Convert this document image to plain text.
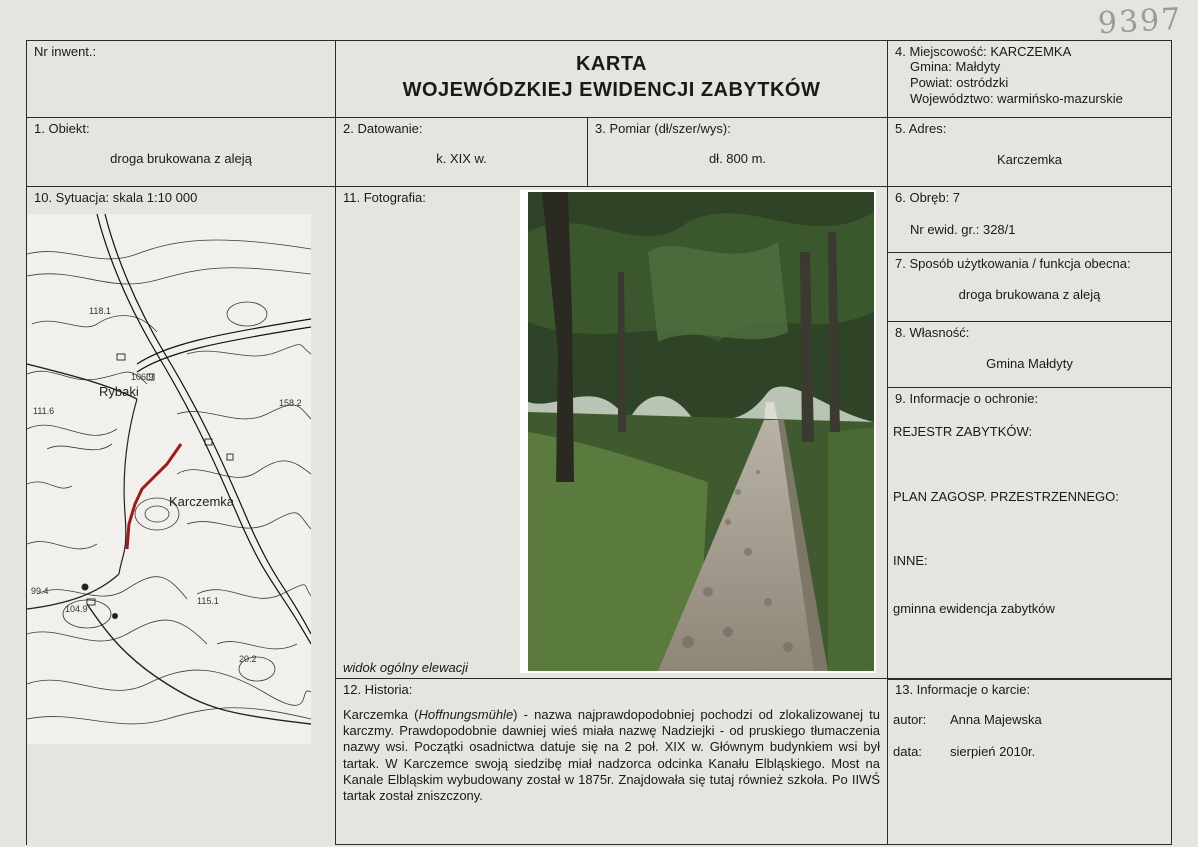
9397
Nr inwent.:
KARTA
WOJEWÓDZKIEJ EWIDENCJI ZABYTKÓW
4. Miejscowość: KARCZEMKA
Gmina: Małdyty
Powiat: ostródzki
Województwo: warmińsko-mazurskie
1. Obiekt:
droga brukowana z aleją
2. Datowanie:
k. XIX w.
3. Pomiar (dł/szer/wys):
dł. 800 m.
5. Adres:
Karczemka
10. Sytuacja: skala 1:10 000
Rybaki
Karczemka
118.1
106.9
111.6
158.2
99.4
104.9
115.1
20.2
11. Fotografia:
widok ogólny elewacji
6. Obręb: 7
Nr ewid. gr.: 328/1
7. Sposób użytkowania / funkcja obecna:
droga brukowana z aleją
8. Własność:
Gmina Małdyty
9. Informacje o ochronie:
REJESTR ZABYTKÓW:
PLAN ZAGOSP. PRZESTRZENNEGO:
INNE:
gminna ewidencja zabytków
12. Historia:
Karczemka (Hoffnungsmühle) - nazwa najprawdopodobniej pochodzi od zlokalizowanej tu karczmy. Prawdopodobnie dawniej wieś miała nazwę Nadziejki - od pruskiego tłumaczenia nazwy wsi. Początki osadnictwa datuje się na 2 poł. XIX w. Głównym budynkiem wsi był tartak. W Karczemce swoją siedzibę miał nadzorca odcinka Kanału Elbląskiego. Most na Kanale Elbląskim wybudowany został w 1875r. Znajdowała się tutaj również szkoła. Po IIWŚ tartak został zniszczony.
13. Informacje o karcie:
autor: Anna Majewska
data: sierpień 2010r.
